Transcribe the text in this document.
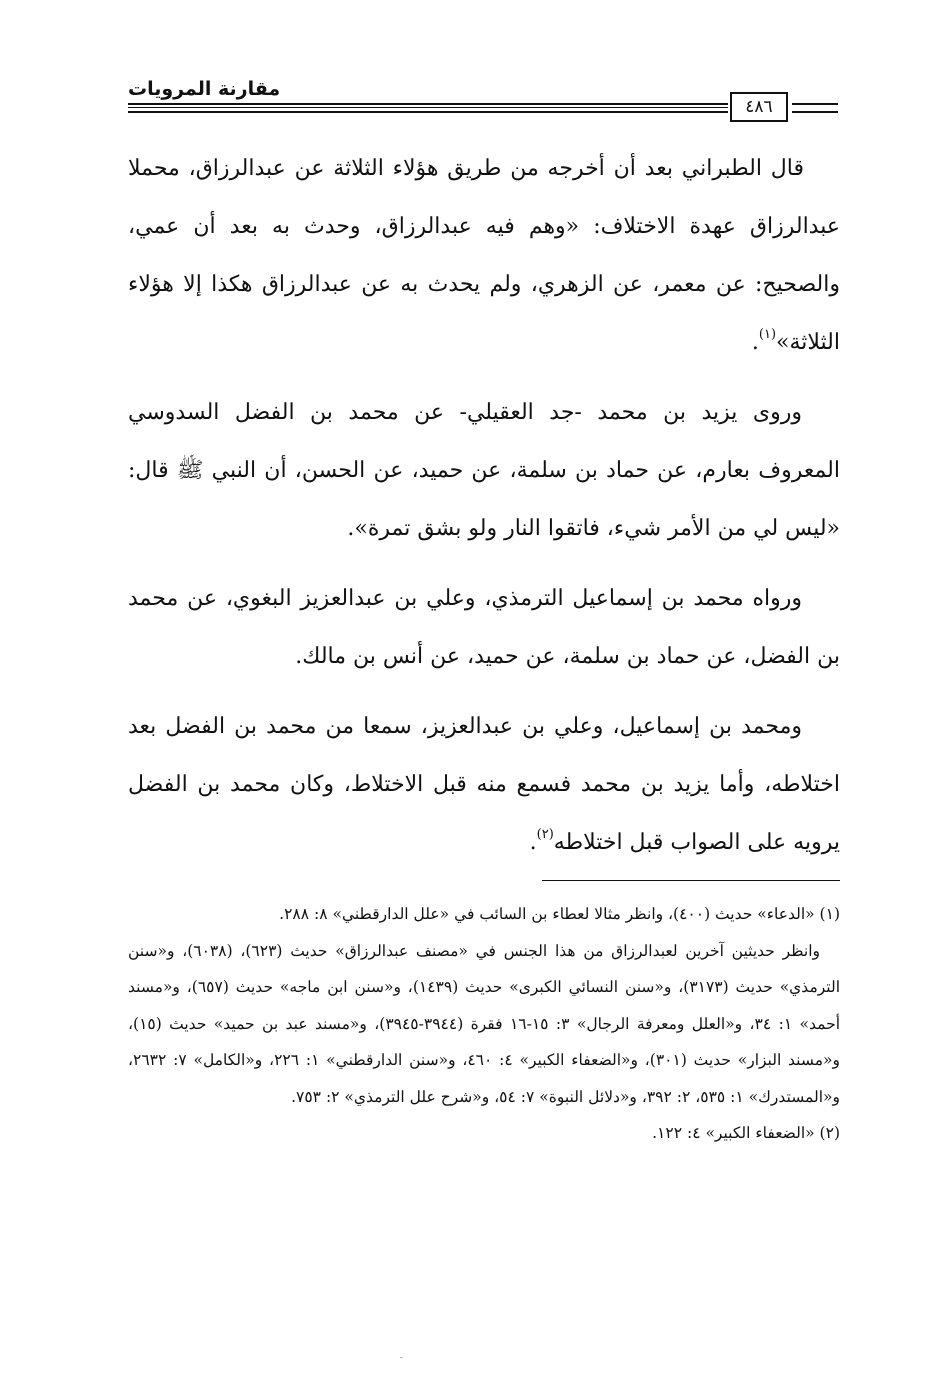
مقارنة المرويات
٤٨٦

قال الطبراني بعد أن أخرجه من طريق هؤلاء الثلاثة عن عبدالرزاق، محملا عبدالرزاق عهدة الاختلاف: «وهم فيه عبدالرزاق، وحدث به بعد أن عمي، والصحيح: عن معمر، عن الزهري، ولم يحدث به عن عبدالرزاق هكذا إلا هؤلاء الثلاثة»$^{(١)}$.

وروى يزيد بن محمد -جد العقيلي- عن محمد بن الفضل السدوسي المعروف بعارم، عن حماد بن سلمة، عن حميد، عن الحسن، أن النبي ﷺ قال: «ليس لي من الأمر شيء، فاتقوا النار ولو بشق تمرة».

ورواه محمد بن إسماعيل الترمذي، وعلي بن عبدالعزيز البغوي، عن محمد بن الفضل، عن حماد بن سلمة، عن حميد، عن أنس بن مالك.

ومحمد بن إسماعيل، وعلي بن عبدالعزيز، سمعا من محمد بن الفضل بعد اختلاطه، وأما يزيد بن محمد فسمع منه قبل الاختلاط، وكان محمد بن الفضل يرويه على الصواب قبل اختلاطه$^{(٢)}$.

(١) «الدعاء» حديث (٤٠٠)، وانظر مثالا لعطاء بن السائب في «علل الدارقطني» ٨: ٢٨٨.

وانظر حديثين آخرين لعبدالرزاق من هذا الجنس في «مصنف عبدالرزاق» حديث (٦٢٣)، (٦٠٣٨)، و«سنن الترمذي» حديث (٣١٧٣)، و«سنن النسائي الكبرى» حديث (١٤٣٩)، و«سنن ابن ماجه» حديث (٦٥٧)، و«مسند أحمد» ١: ٣٤، و«العلل ومعرفة الرجال» ٣: ١٥-١٦ فقرة (٣٩٤٤-٣٩٤٥)، و«مسند عبد بن حميد» حديث (١٥)، و«مسند البزار» حديث (٣٠١)، و«الضعفاء الكبير» ٤: ٤٦٠، و«سنن الدارقطني» ١: ٢٢٦، و«الكامل» ٧: ٢٦٣٢، و«المستدرك» ١: ٥٣٥، ٢: ٣٩٢، و«دلائل النبوة» ٧: ٥٤، و«شرح علل الترمذي» ٢: ٧٥٣.

(٢) «الضعفاء الكبير» ٤: ١٢٢.
